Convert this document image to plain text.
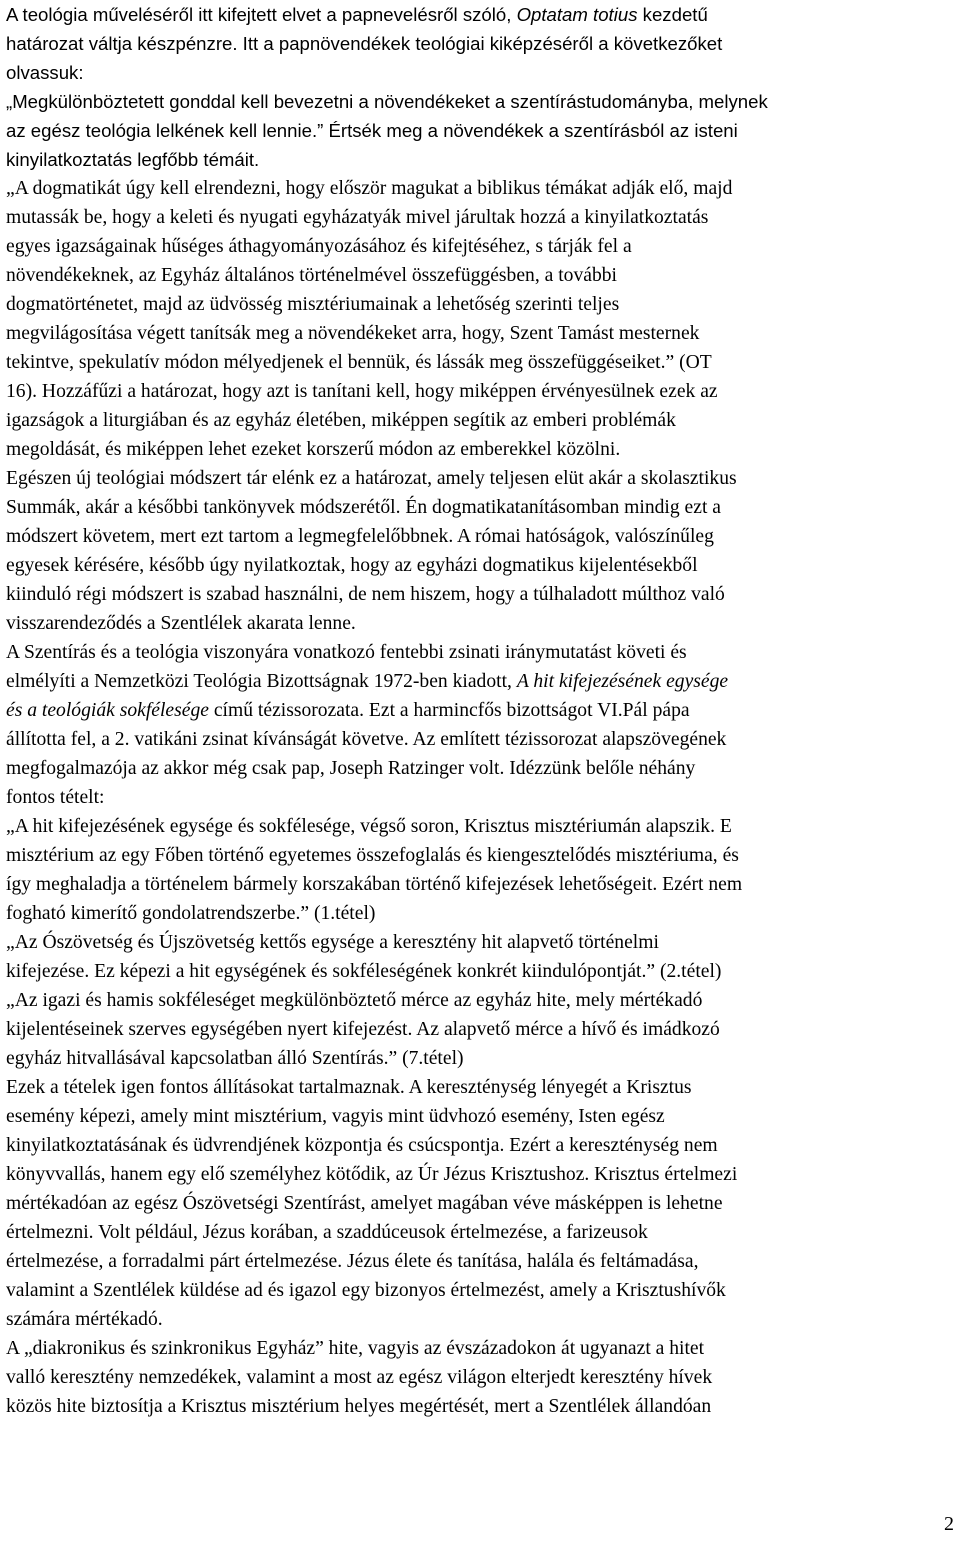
A teológia műveléséről itt kifejtett elvet a papnevelésről szóló, Optatam totius kezdetű
határozat váltja készpénzre. Itt a papnövendékek teológiai kiképzéséről a következőket
olvassuk:
„Megkülönböztetett gonddal kell bevezetni a növendékeket a szentírástudományba, melynek
az egész teológia lelkének kell lennie.” Értsék meg a növendékek a szentírásból az isteni
kinyilatkoztatás legfőbb témáit.
„A dogmatikát úgy kell elrendezni, hogy először magukat a biblikus témákat adják elő, majd
mutassák be, hogy a keleti és nyugati egyházatyák mivel járultak hozzá a kinyilatkoztatás
egyes igazságainak hűséges áthagyományozásához és kifejtéséhez, s tárják fel a
növendékeknek, az Egyház általános történelmével összefüggésben, a további
dogmatörténetet, majd az üdvösség misztériumainak a lehetőség szerinti teljes
megvilágosítása végett tanítsák meg a növendékeket arra, hogy, Szent Tamást mesternek
tekintve, spekulatív módon mélyedjenek el bennük, és lássák meg összefüggéseiket.” (OT
16). Hozzáfűzi a határozat, hogy azt is tanítani kell, hogy miképpen érvényesülnek ezek az
igazságok a liturgiában és az egyház életében, miképpen segítik az emberi problémák
megoldását, és miképpen lehet ezeket korszerű módon az emberekkel közölni.
Egészen új teológiai módszert tár elénk ez a határozat, amely teljesen elüt akár a skolasztikus
Summák, akár a későbbi tankönyvek módszerétől. Én dogmatikatanításomban mindig ezt a
módszert követem, mert ezt tartom a legmegfelelőbbnek. A római hatóságok, valószínűleg
egyesek kérésére, később úgy nyilatkoztak, hogy az egyházi dogmatikus kijelentésekből
kiinduló régi módszert is szabad használni, de nem hiszem, hogy a túlhaladott múlthoz való
visszarendeződés a Szentlélek akarata lenne.
A Szentírás és a teológia viszonyára vonatkozó fentebbi zsinati iránymutatást követi és
elmélyíti a Nemzetközi Teológia Bizottságnak 1972-ben kiadott, A hit kifejezésének egysége
és a teológiák sokfélesége című tézissorozata. Ezt a harmincfős bizottságot VI.Pál pápa
állította fel, a 2. vatikáni zsinat kívánságát követve. Az említett tézissorozat alapszövegének
megfogalmazója az akkor még csak pap, Joseph Ratzinger volt. Idézzünk belőle néhány
fontos tételt:
„A hit kifejezésének egysége és sokfélesége, végső soron, Krisztus misztériumán alapszik. E
misztérium az egy Főben történő egyetemes összefoglalás és kiengesztelődés misztériuma, és
így meghaladja a történelem bármely korszakában történő kifejezések lehetőségeit. Ezért nem
fogható kimerítő gondolatrendszerbe.” (1.tétel)
„Az Ószövetség és Újszövetség kettős egysége a keresztény hit alapvető történelmi
kifejezése. Ez képezi a hit egységének és sokféleségének konkrét kiindulópontját.” (2.tétel)
„Az igazi és hamis sokféleséget megkülönböztető mérce az egyház hite, mely mértékadó
kijelentéseinek szerves egységében nyert kifejezést. Az alapvető mérce a hívő és imádkozó
egyház hitvallásával kapcsolatban álló Szentírás.” (7.tétel)
Ezek a tételek igen fontos állításokat tartalmaznak. A kereszténység lényegét a Krisztus
esemény képezi, amely mint misztérium, vagyis mint üdvhozó esemény, Isten egész
kinyilatkoztatásának és üdvrendjének központja és csúcspontja. Ezért a kereszténység nem
könyvvallás, hanem egy elő személyhez kötődik, az Úr Jézus Krisztushoz. Krisztus értelmezi
mértékadóan az egész Ószövetségi Szentírást, amelyet magában véve másképpen is lehetne
értelmezni. Volt például, Jézus korában, a szaddúceusok értelmezése, a farizeusok
értelmezése, a forradalmi párt értelmezése. Jézus élete és tanítása, halála és feltámadása,
valamint a Szentlélek küldése ad és igazol egy bizonyos értelmezést, amely a Krisztushívők
számára mértékadó.
A „diakronikus és szinkronikus Egyház” hite, vagyis az évszázadokon át ugyanazt a hitet
valló keresztény nemzedékek, valamint a most az egész világon elterjedt keresztény hívek
közös hite biztosítja a Krisztus misztérium helyes megértését, mert a Szentlélek állandóan
2
